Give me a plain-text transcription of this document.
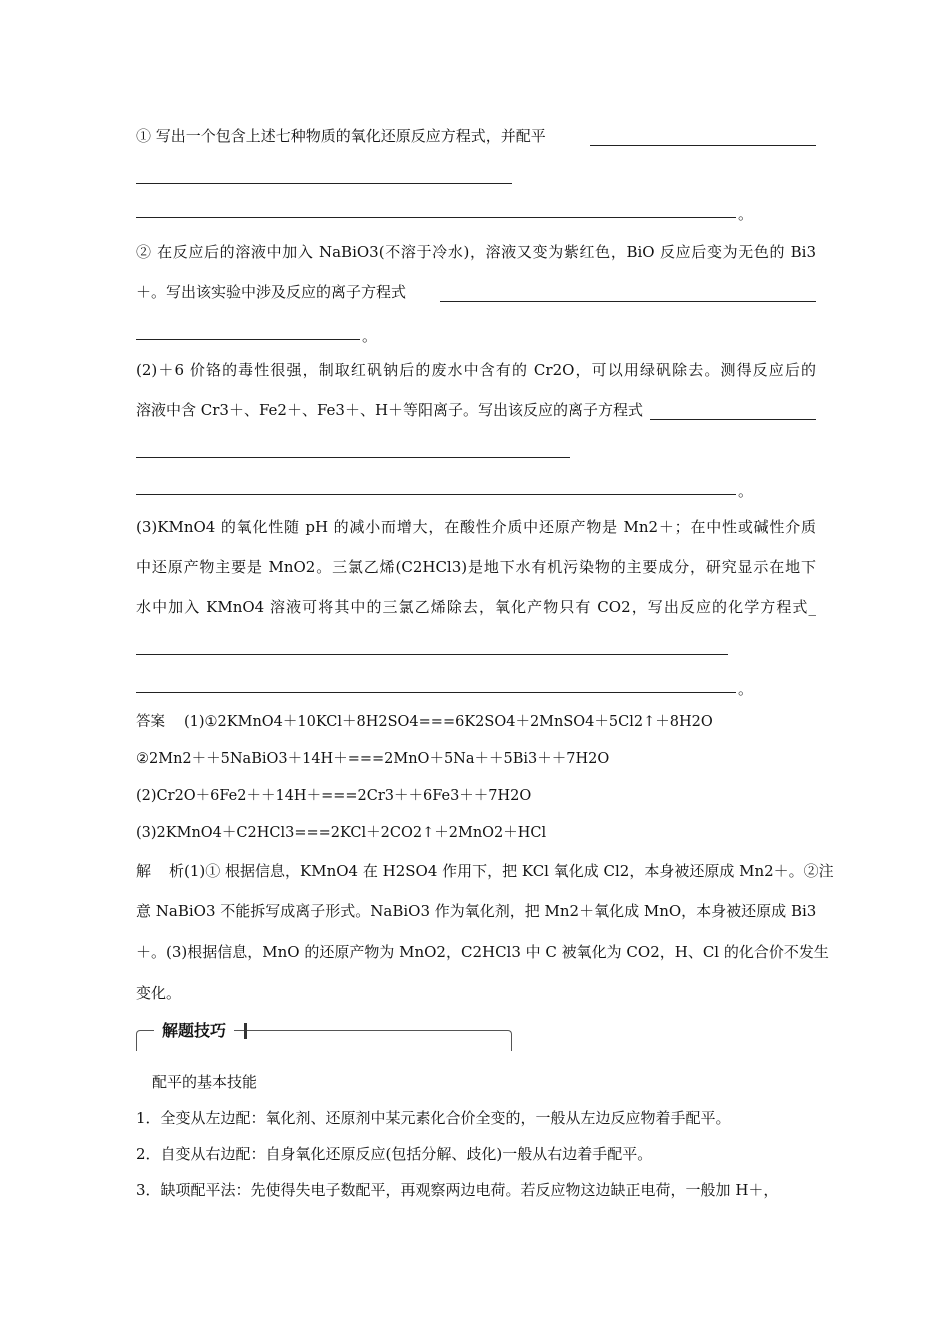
① 写出一个包含上述七种物质的氧化还原反应方程式，并配平
。
② 在反应后的溶液中加入 NaBiO3(不溶于冷水)，溶液又变为紫红色，BiO 反应后变为无色的 Bi3
＋。写出该实验中涉及反应的离子方程式
。
(2)＋6 价铬的毒性很强，制取红矾钠后的废水中含有的 Cr2O，可以用绿矾除去。测得反应后的
溶液中含 Cr3＋、Fe2＋、Fe3＋、H＋等阳离子。写出该反应的离子方程式
。
(3)KMnO4 的氧化性随 pH 的减小而增大，在酸性介质中还原产物是 Mn2＋；在中性或碱性介质
中还原产物主要是 MnO2。三氯乙烯(C2HCl3)是地下水有机污染物的主要成分，研究显示在地下
水中加入 KMnO4 溶液可将其中的三氯乙烯除去，氧化产物只有 CO2，写出反应的化学方程式_
。
答案 (1)①2KMnO4＋10KCl＋8H2SO4===6K2SO4＋2MnSO4＋5Cl2↑＋8H2O
②2Mn2＋＋5NaBiO3＋14H＋===2MnO＋5Na＋＋5Bi3＋＋7H2O
(2)Cr2O＋6Fe2＋＋14H＋===2Cr3＋＋6Fe3＋＋7H2O
(3)2KMnO4＋C2HCl3===2KCl＋2CO2↑＋2MnO2＋HCl
解析(1)① 根据信息，KMnO4 在 H2SO4 作用下，把 KCl 氧化成 Cl2，本身被还原成 Mn2＋。②注
意 NaBiO3 不能拆写成离子形式。NaBiO3 作为氧化剂，把 Mn2＋氧化成 MnO，本身被还原成 Bi3
＋。(3)根据信息，MnO 的还原产物为 MnO2，C2HCl3 中 C 被氧化为 CO2，H、Cl 的化合价不发生
变化。
解题技巧
配平的基本技能
1．全变从左边配：氧化剂、还原剂中某元素化合价全变的，一般从左边反应物着手配平。
2．自变从右边配：自身氧化还原反应(包括分解、歧化)一般从右边着手配平。
3．缺项配平法：先使得失电子数配平，再观察两边电荷。若反应物这边缺正电荷，一般加 H＋，
